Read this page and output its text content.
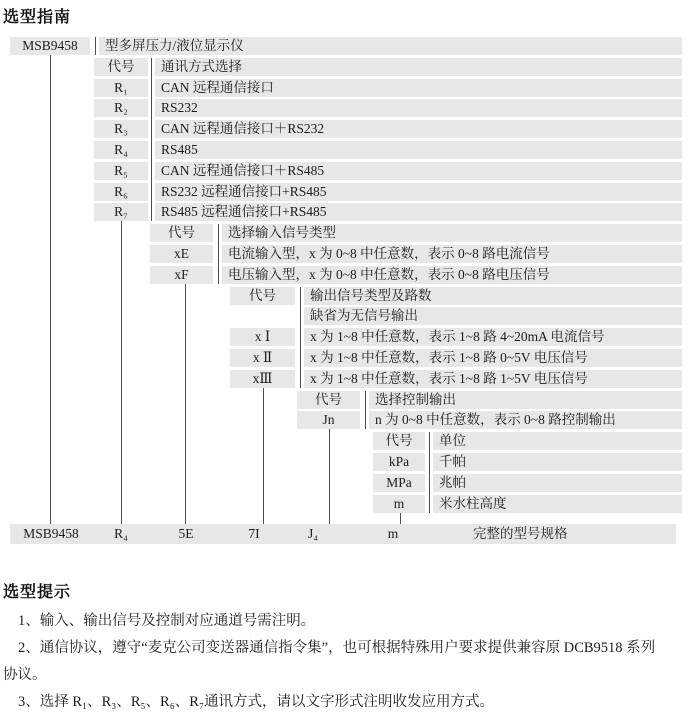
选型指南
MSB9458	型多屏压力/液位显示仪
代号	通讯方式选择
R₁	CAN 远程通信接口
R₂	RS232
R₃	CAN 远程通信接口＋RS232
R₄	RS485
R₅	CAN 远程通信接口＋RS485
R₆	RS232 远程通信接口+RS485
R₇	RS485 远程通信接口+RS485
代号	选择输入信号类型
xE	电流输入型，x 为 0~8 中任意数，表示 0~8 路电流信号
xF	电压输入型，x 为 0~8 中任意数，表示 0~8 路电压信号
代号	输出信号类型及路数
缺省为无信号输出
x Ⅰ	x 为 1~8 中任意数，表示 1~8 路 4~20mA 电流信号
x Ⅱ	x 为 1~8 中任意数，表示 1~8 路 0~5V 电压信号
xⅢ	x 为 1~8 中任意数，表示 1~8 路 1~5V 电压信号
代号	选择控制输出
Jn	n 为 0~8 中任意数，表示 0~8 路控制输出
代号	单位
kPa	千帕
MPa	兆帕
m	米水柱高度
MSB9458	R₄	5E	7I	J₄	m	完整的型号规格
选型提示
1、输入、输出信号及控制对应通道号需注明。
2、通信协议，遵守“麦克公司变送器通信指令集”，也可根据特殊用户要求提供兼容原 DCB9518 系列
协议。
3、选择 R₁、R₃、R₅、R₆、R₇通讯方式，请以文字形式注明收发应用方式。
